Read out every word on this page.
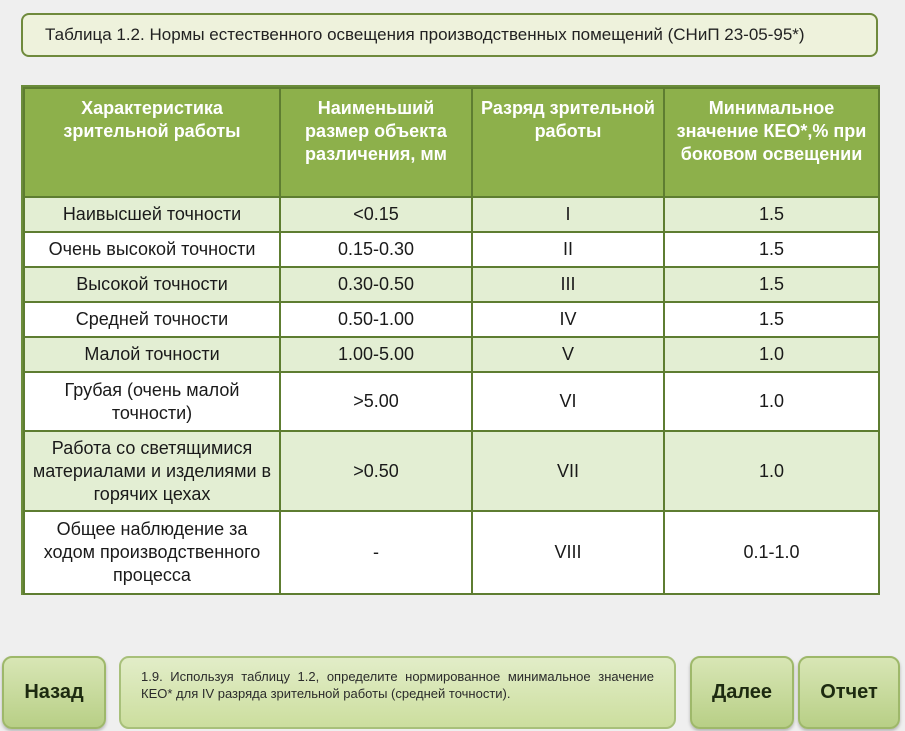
Таблица 1.2. Нормы естественного освещения производственных помещений (СНиП 23-05-95*)
Характеристика зрительной работы	Наименьший размер объекта различения, мм	Разряд зрительной работы	Минимальное значение КЕО*,% при боковом освещении
Наивысшей точности	<0.15	I	1.5
Очень высокой точности	0.15-0.30	II	1.5
Высокой точности	0.30-0.50	III	1.5
Средней точности	0.50-1.00	IV	1.5
Малой точности	1.00-5.00	V	1.0
Грубая (очень малой точности)	>5.00	VI	1.0
Работа со светящимися материалами и изделиями в горячих цехах	>0.50	VII	1.0
Общее наблюдение за ходом производственного процесса	-	VIII	0.1-1.0
Назад
1.9. Используя таблицу 1.2, определите нормированное минимальное значение КЕО* для IV разряда зрительной работы (средней точности).	Далее	Отчет
